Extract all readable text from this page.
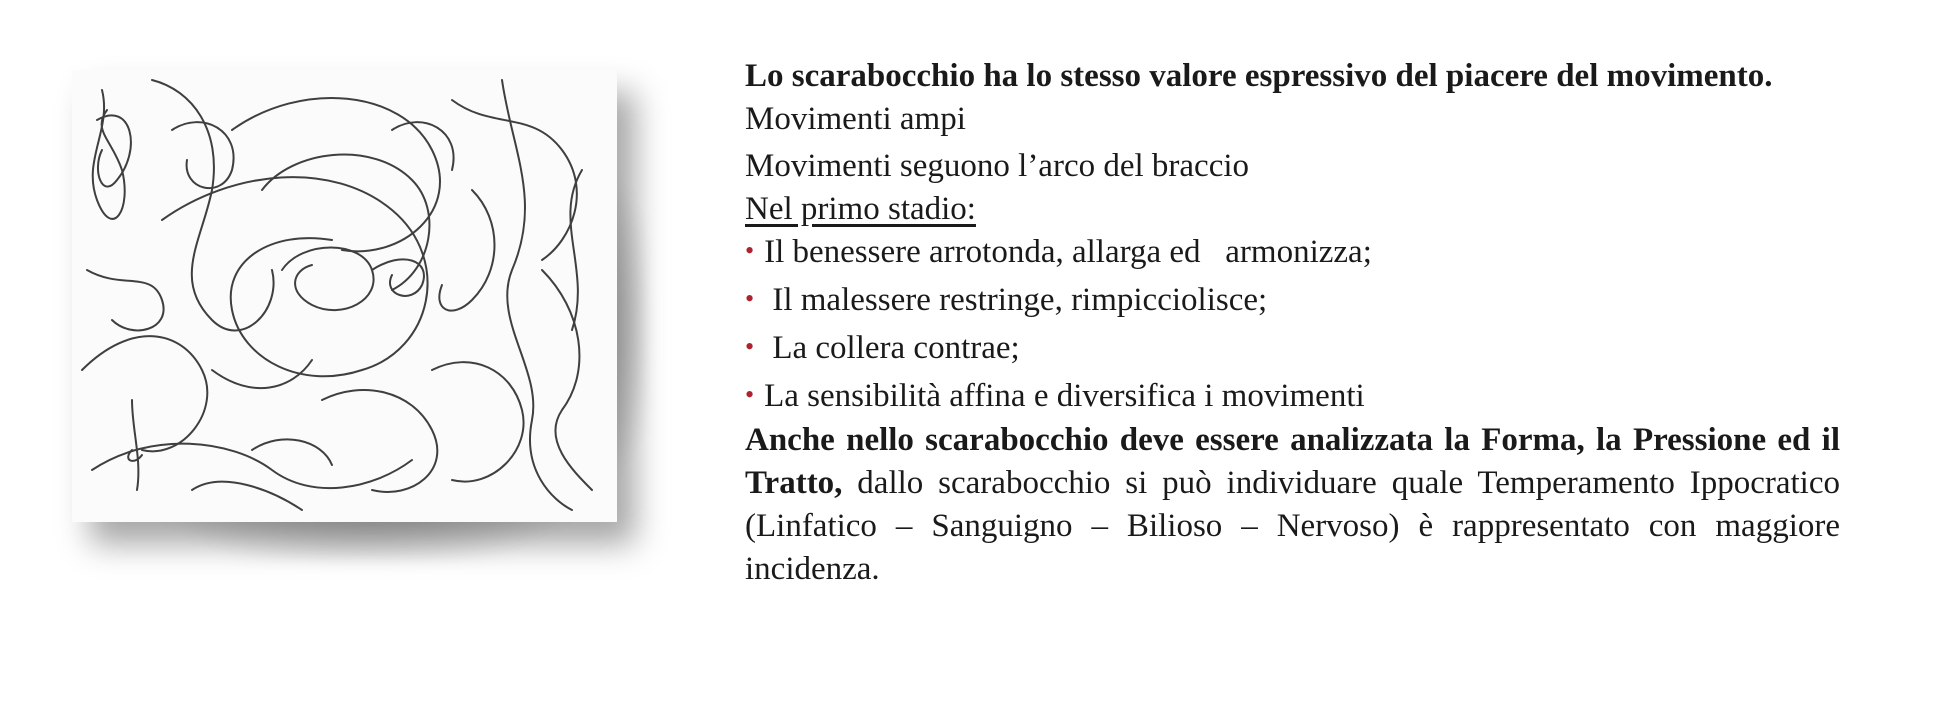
Lo scarabocchio ha lo stesso valore espressivo del piacere del movimento.
Movimenti ampi
Movimenti seguono l’arco del braccio
Nel primo stadio:
• Il benessere arrotonda, allarga ed   armonizza;
• Il malessere restringe, rimpicciolisce;
• La collera contrae;
• La sensibilità affina e diversifica i movimenti
Anche nello scarabocchio deve essere analizzata la Forma, la Pressione ed il Tratto, dallo scarabocchio si può individuare quale Temperamento Ippocratico (Linfatico – Sanguigno – Bilioso – Nervoso) è rappresentato con maggiore incidenza.
